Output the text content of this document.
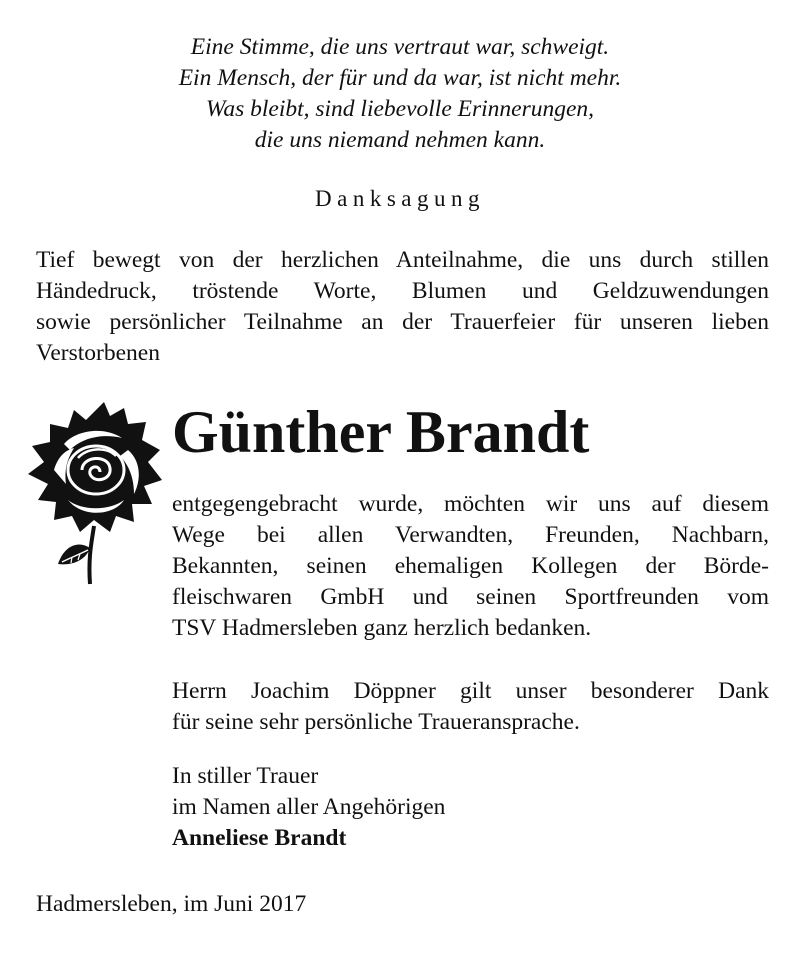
Eine Stimme, die uns vertraut war, schweigt.
Ein Mensch, der für und da war, ist nicht mehr.
Was bleibt, sind liebevolle Erinnerungen,
die uns niemand nehmen kann.
Danksagung
Tief bewegt von der herzlichen Anteilnahme, die uns durch stillen
Händedruck, tröstende Worte, Blumen und Geldzuwendungen
sowie persönlicher Teilnahme an der Trauerfeier für unseren lieben
Verstorbenen
Günther Brandt
entgegengebracht wurde, möchten wir uns auf diesem
Wege bei allen Verwandten, Freunden, Nachbarn,
Bekannten, seinen ehemaligen Kollegen der Börde-
fleischwaren GmbH und seinen Sportfreunden vom
TSV Hadmersleben ganz herzlich bedanken.
Herrn Joachim Döppner gilt unser besonderer Dank
für seine sehr persönliche Traueransprache.
In stiller Trauer
im Namen aller Angehörigen
Anneliese Brandt
Hadmersleben, im Juni 2017
